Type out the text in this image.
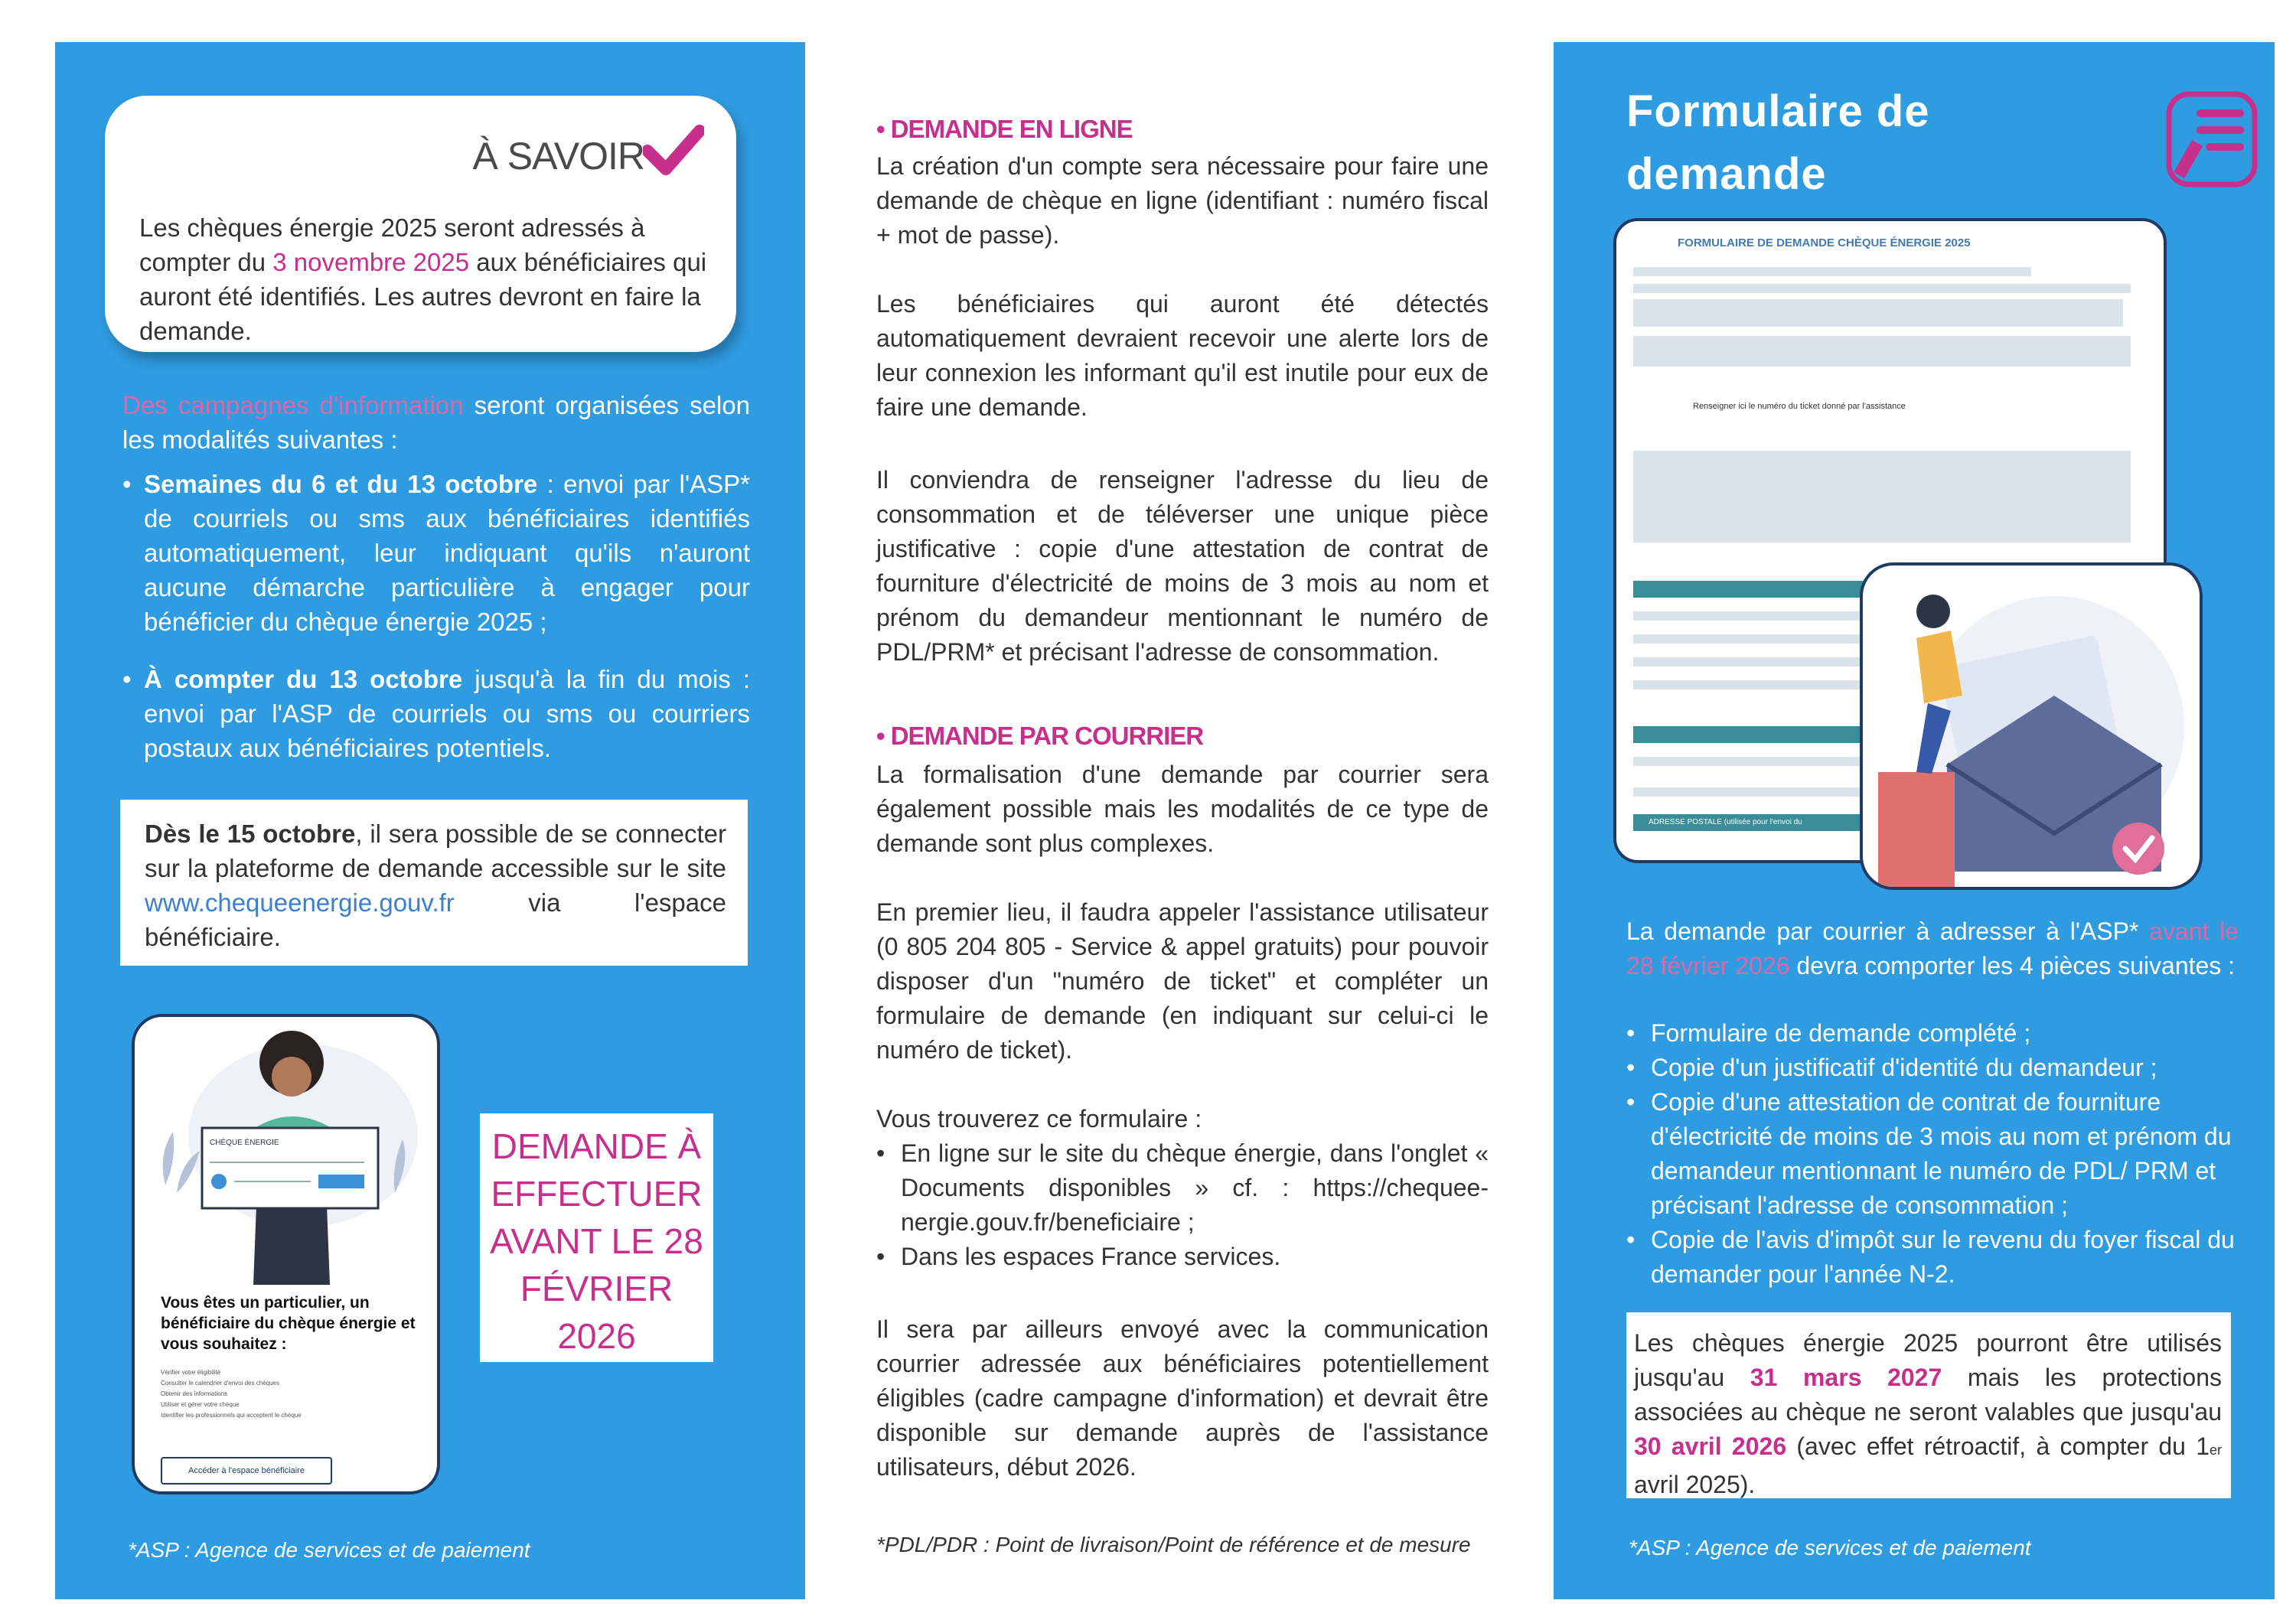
À SAVOIR
Les chèques énergie 2025 seront adressés à compter du 3 novembre 2025 aux bénéficiaires qui auront été identifiés. Les autres devront en faire la demande.
Des campagnes d'information seront organisées selon les modalités suivantes :
• Semaines du 6 et du 13 octobre : envoi par l'ASP* de courriels ou sms aux bénéficiaires identifiés automatiquement, leur indiquant qu'ils n'auront aucune démarche particulière à engager pour bénéficier du chèque énergie 2025 ;
• À compter du 13 octobre jusqu'à la fin du mois : envoi par l'ASP de courriels ou sms ou courriers postaux aux bénéficiaires potentiels.
Dès le 15 octobre, il sera possible de se connecter sur la plateforme de demande accessible sur le site www.chequeenergie.gouv.fr via l'espace bénéficiaire.
CHÈQUE ÉNERGIE
Vous êtes un particulier, un bénéficiaire du chèque énergie et vous souhaitez :
Vérifier votre éligibilité
Consulter le calendrier d'envoi des chèques
Obtenir des informations
Utiliser et gérer votre chèque
Identifier les professionnels qui acceptent le chèque
Accéder à l'espace bénéficiaire
DEMANDE À EFFECTUER AVANT LE 28 FÉVRIER 2026
*ASP : Agence de services et de paiement
• DEMANDE EN LIGNE
La création d'un compte sera nécessaire pour faire une demande de chèque en ligne (identifiant : numéro fiscal + mot de passe).
Les bénéficiaires qui auront été détectés automatiquement devraient recevoir une alerte lors de leur connexion les informant qu'il est inutile pour eux de faire une demande.
Il conviendra de renseigner l'adresse du lieu de consommation et de téléverser une unique pièce justificative : copie d'une attestation de contrat de fourniture d'électricité de moins de 3 mois au nom et prénom du demandeur mentionnant le numéro de PDL/PRM* et précisant l'adresse de consommation.
• DEMANDE PAR COURRIER
La formalisation d'une demande par courrier sera également possible mais les modalités de ce type de demande sont plus complexes.
En premier lieu, il faudra appeler l'assistance utilisateur (0 805 204 805 - Service & appel gratuits) pour pouvoir disposer d'un "numéro de ticket" et compléter un formulaire de demande (en indiquant sur celui-ci le numéro de ticket).
Vous trouverez ce formulaire :
• En ligne sur le site du chèque énergie, dans l'onglet « Documents disponibles » cf. : https://chequee-nergie.gouv.fr/beneficiaire ;
• Dans les espaces France services.
Il sera par ailleurs envoyé avec la communication courrier adressée aux bénéficiaires potentiellement éligibles (cadre campagne d'information) et devrait être disponible sur demande auprès de l'assistance utilisateurs, début 2026.
*PDL/PDR : Point de livraison/Point de référence et de mesure
Formulaire de
demande
FORMULAIRE DE DEMANDE CHÈQUE ÉNERGIE 2025
Renseigner ici le numéro du ticket donné par l'assistance
ADRESSE POSTALE (utilisée pour l'envoi du
La demande par courrier à adresser à l'ASP* avant le 28 février 2026 devra comporter les 4 pièces suivantes :
• Formulaire de demande complété ;
• Copie d'un justificatif d'identité du demandeur ;
• Copie d'une attestation de contrat de fourniture d'électricité de moins de 3 mois au nom et prénom du demandeur mentionnant le numéro de PDL/ PRM et précisant l'adresse de consommation ;
• Copie de l'avis d'impôt sur le revenu du foyer fiscal du demander pour l'année N-2.
Les chèques énergie 2025 pourront être utilisés jusqu'au 31 mars 2027 mais les protections associées au chèque ne seront valables que jusqu'au 30 avril 2026 (avec effet rétroactif, à compter du 1er avril 2025).
*ASP : Agence de services et de paiement
